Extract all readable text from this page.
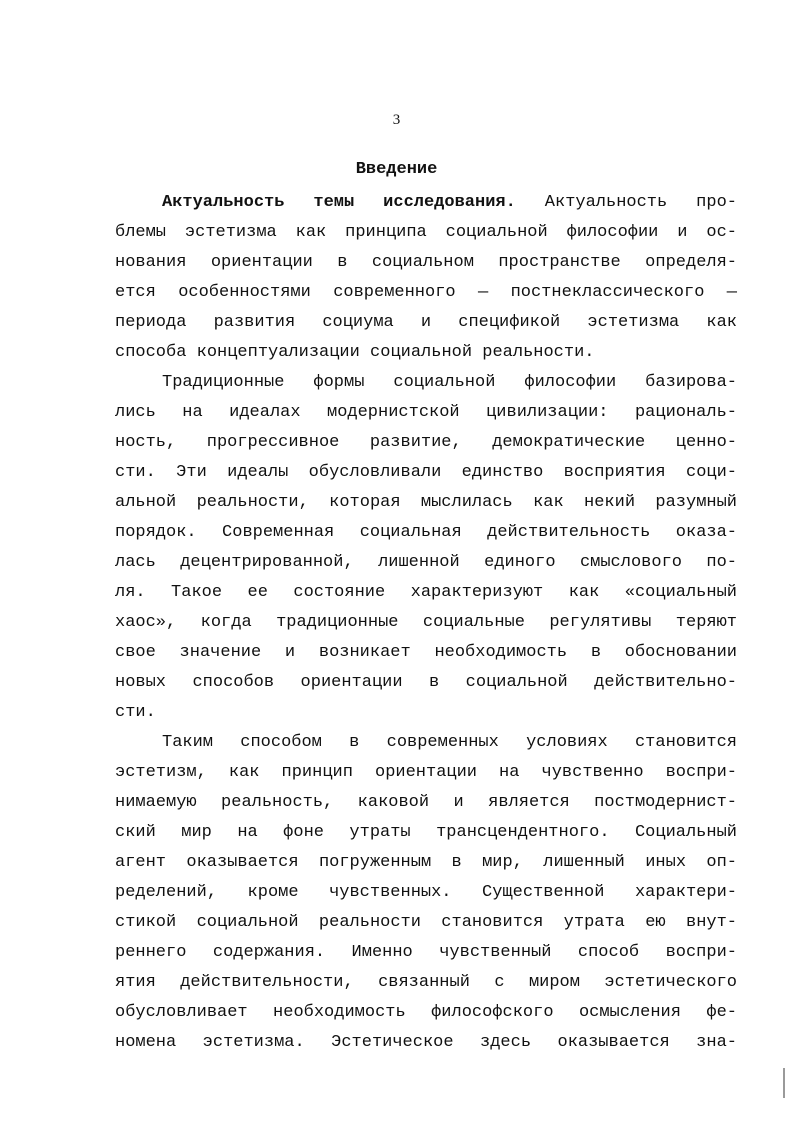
3
Введение
Актуальность темы исследования. Актуальность про-
блемы эстетизма как принципа социальной философии и ос-
нования ориентации в социальном пространстве определя-
ется особенностями современного — постнеклассического —
периода развития социума и спецификой эстетизма как
способа концептуализации социальной реальности.
Традиционные формы социальной философии базирова-
лись на идеалах модернистской цивилизации: рациональ-
ность, прогрессивное развитие, демократические ценно-
сти. Эти идеалы обусловливали единство восприятия соци-
альной реальности, которая мыслилась как некий разумный
порядок. Современная социальная действительность оказа-
лась децентрированной, лишенной единого смыслового по-
ля. Такое ее состояние характеризуют как «социальный
хаос», когда традиционные социальные регулятивы теряют
свое значение и возникает необходимость в обосновании
новых способов ориентации в социальной действительно-
сти.
Таким способом в современных условиях становится
эстетизм, как принцип ориентации на чувственно воспри-
нимаемую реальность, каковой и является постмодернист-
ский мир на фоне утраты трансцендентного. Социальный
агент оказывается погруженным в мир, лишенный иных оп-
ределений, кроме чувственных. Существенной характери-
стикой социальной реальности становится утрата ею внут-
реннего содержания. Именно чувственный способ воспри-
ятия действительности, связанный с миром эстетического
обусловливает необходимость философского осмысления фе-
номена эстетизма. Эстетическое здесь оказывается зна-
